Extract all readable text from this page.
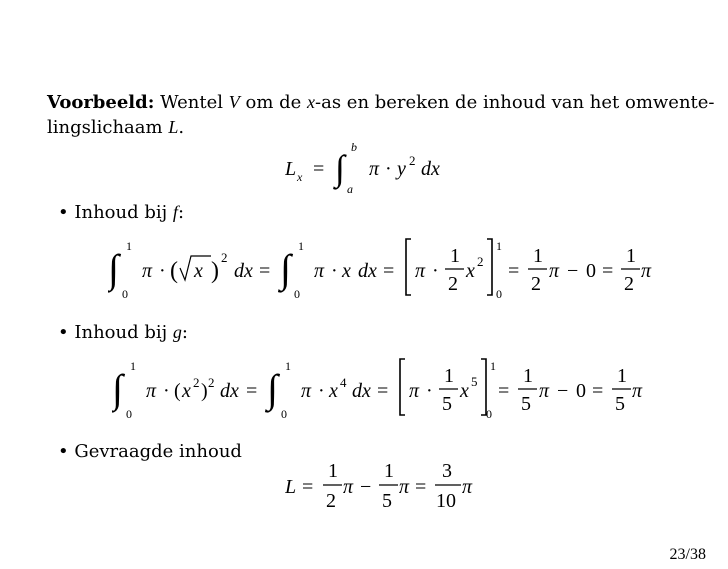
Voorbeeld: Wentel V om de x-as en bereken de inhoud van het omwente-
lingslichaam L.
L x = ∫
b
a
π · y 2 dx
• Inhoud bij f:
∫ 1
0
π · ( x )
2
dx = ∫ 1
0
π · x dx = π ·
1
2
x 2
1
0
=
1
2
π − 0 =
1
2
π
• Inhoud bij g:
∫ 1
0
π · ( x 2 ) 2 dx = ∫ 1
0
π · x 4 dx = π ·
1
5
x 5
1
0
=
1
5
π − 0 =
1
5
π
• Gevraagde inhoud
L =
1
2
π −
1
5
π =
3
10
π
23/38
